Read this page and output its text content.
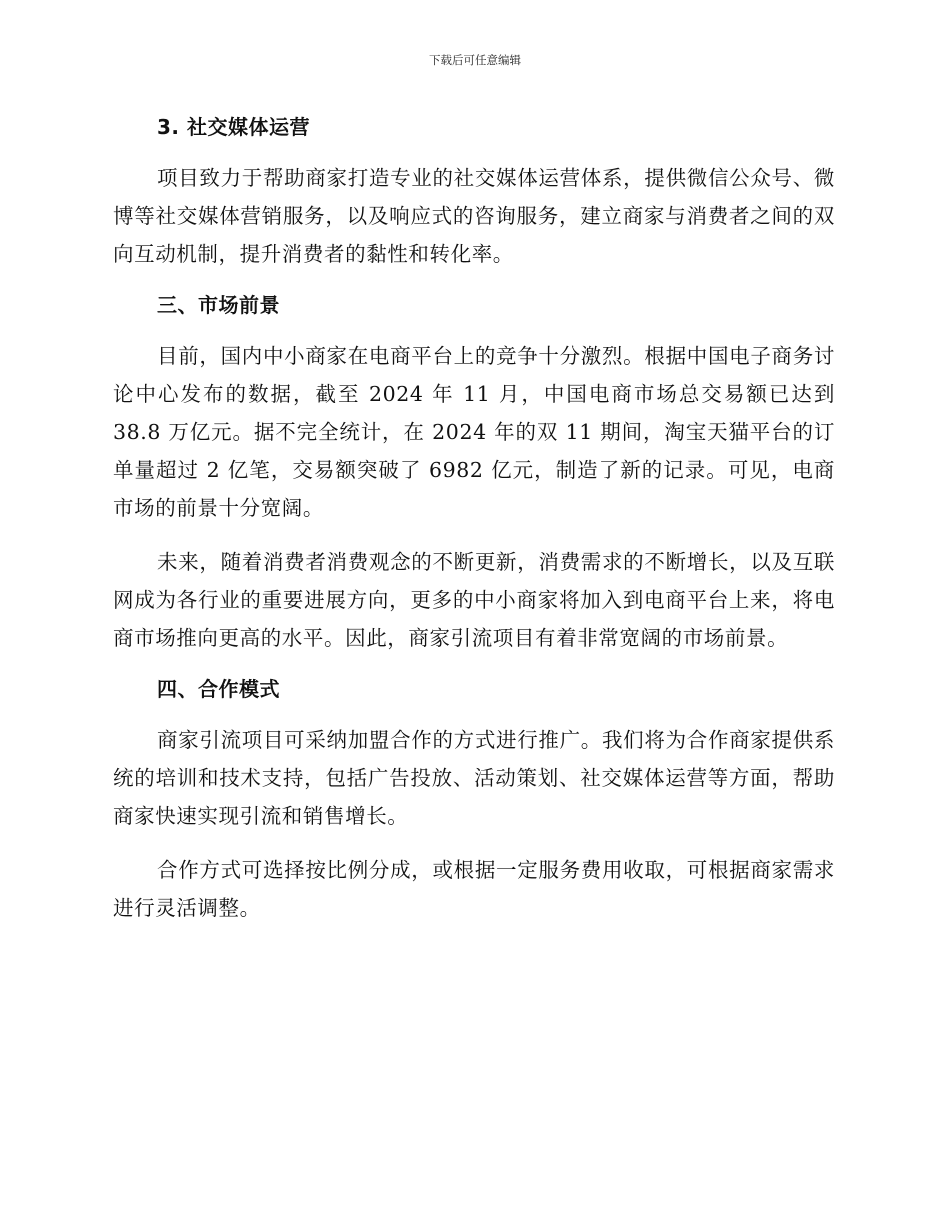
下载后可任意编辑
3. 社交媒体运营

项目致力于帮助商家打造专业的社交媒体运营体系，提供微信公众号、微博等社交媒体营销服务，以及响应式的咨询服务，建立商家与消费者之间的双向互动机制，提升消费者的黏性和转化率。

三、市场前景

目前，国内中小商家在电商平台上的竞争十分激烈。根据中国电子商务讨论中心发布的数据，截至 2024 年 11 月，中国电商市场总交易额已达到 38.8 万亿元。据不完全统计，在 2024 年的双 11 期间，淘宝天猫平台的订单量超过 2 亿笔，交易额突破了 6982 亿元，制造了新的记录。可见，电商市场的前景十分宽阔。

未来，随着消费者消费观念的不断更新，消费需求的不断增长，以及互联网成为各行业的重要进展方向，更多的中小商家将加入到电商平台上来，将电商市场推向更高的水平。因此，商家引流项目有着非常宽阔的市场前景。

四、合作模式

商家引流项目可采纳加盟合作的方式进行推广。我们将为合作商家提供系统的培训和技术支持，包括广告投放、活动策划、社交媒体运营等方面，帮助商家快速实现引流和销售增长。

合作方式可选择按比例分成，或根据一定服务费用收取，可根据商家需求进行灵活调整。
